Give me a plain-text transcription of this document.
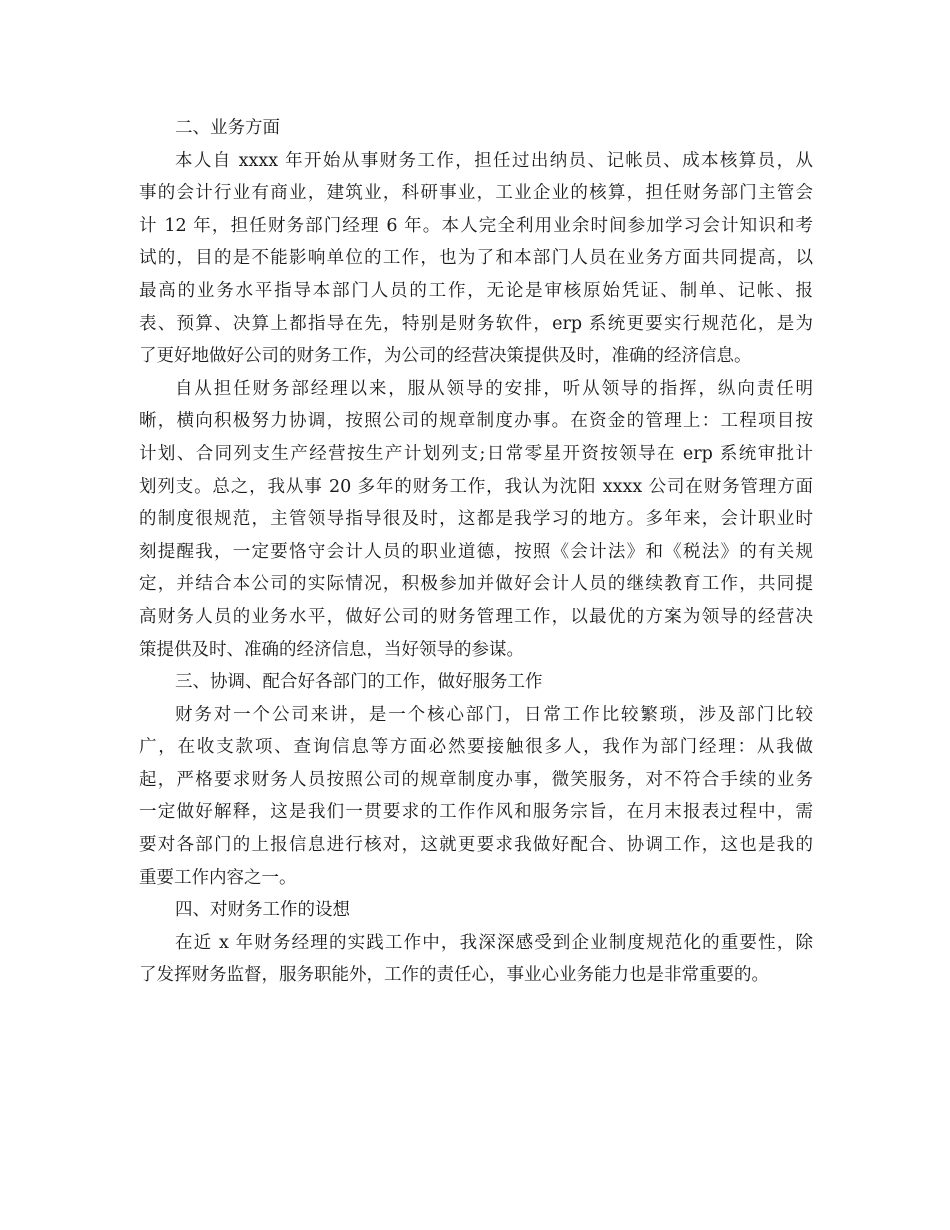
二、业务方面
本人自 xxxx 年开始从事财务工作，担任过出纳员、记帐员、成本核算员，从
事的会计行业有商业，建筑业，科研事业，工业企业的核算，担任财务部门主管会
计 12 年，担任财务部门经理 6 年。本人完全利用业余时间参加学习会计知识和考
试的，目的是不能影响单位的工作，也为了和本部门人员在业务方面共同提高，以
最高的业务水平指导本部门人员的工作，无论是审核原始凭证、制单、记帐、报
表、预算、决算上都指导在先，特别是财务软件，erp 系统更要实行规范化，是为
了更好地做好公司的财务工作，为公司的经营决策提供及时，准确的经济信息。
自从担任财务部经理以来，服从领导的安排，听从领导的指挥，纵向责任明
晰，横向积极努力协调，按照公司的规章制度办事。在资金的管理上：工程项目按
计划、合同列支生产经营按生产计划列支;日常零星开资按领导在 erp 系统审批计
划列支。总之，我从事 20 多年的财务工作，我认为沈阳 xxxx 公司在财务管理方面
的制度很规范，主管领导指导很及时，这都是我学习的地方。多年来，会计职业时
刻提醒我，一定要恪守会计人员的职业道德，按照《会计法》和《税法》的有关规
定，并结合本公司的实际情况，积极参加并做好会计人员的继续教育工作，共同提
高财务人员的业务水平，做好公司的财务管理工作，以最优的方案为领导的经营决
策提供及时、准确的经济信息，当好领导的参谋。
三、协调、配合好各部门的工作，做好服务工作
财务对一个公司来讲，是一个核心部门，日常工作比较繁琐，涉及部门比较
广，在收支款项、查询信息等方面必然要接触很多人，我作为部门经理：从我做
起，严格要求财务人员按照公司的规章制度办事，微笑服务，对不符合手续的业务
一定做好解释，这是我们一贯要求的工作作风和服务宗旨，在月末报表过程中，需
要对各部门的上报信息进行核对，这就更要求我做好配合、协调工作，这也是我的
重要工作内容之一。
四、对财务工作的设想
在近 x 年财务经理的实践工作中，我深深感受到企业制度规范化的重要性，除
了发挥财务监督，服务职能外，工作的责任心，事业心业务能力也是非常重要的。
